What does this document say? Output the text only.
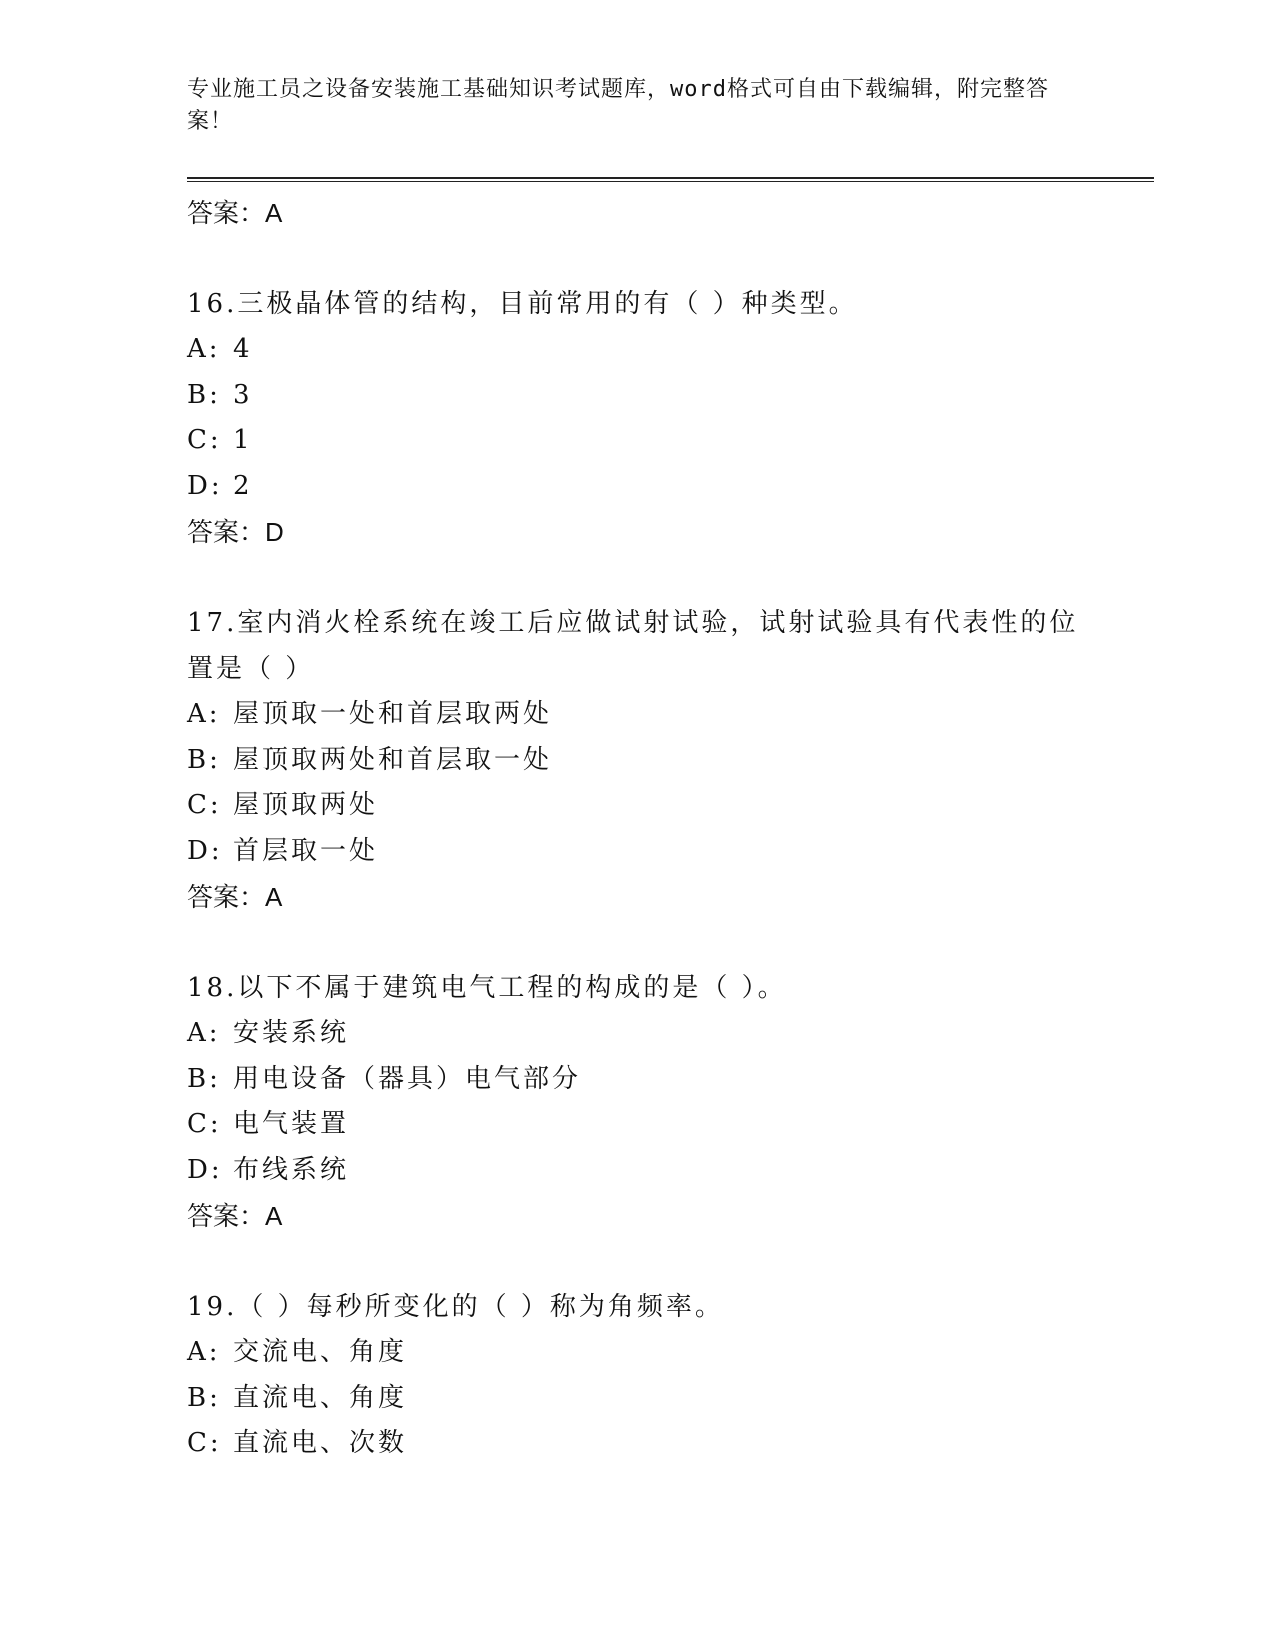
专业施工员之设备安装施工基础知识考试题库，word格式可自由下载编辑，附完整答案！
答案：A
16.三极晶体管的结构，目前常用的有（ ）种类型。
A: 4
B: 3
C: 1
D: 2
答案：D
17.室内消火栓系统在竣工后应做试射试验，试射试验具有代表性的位置是（ ）
A: 屋顶取一处和首层取两处
B: 屋顶取两处和首层取一处
C: 屋顶取两处
D: 首层取一处
答案：A
18.以下不属于建筑电气工程的构成的是（ ）。
A: 安装系统
B: 用电设备（器具）电气部分
C: 电气装置
D: 布线系统
答案：A
19.（ ）每秒所变化的（ ）称为角频率。
A: 交流电、角度
B: 直流电、角度
C: 直流电、次数
